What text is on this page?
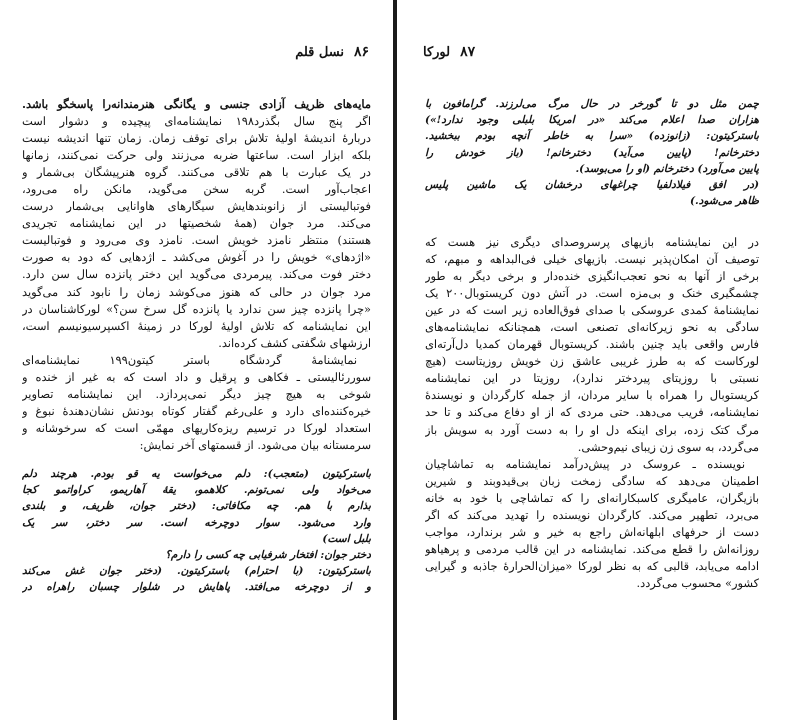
۸۶نسل قلم
مایه‌های ظریف آزادی جنسی و یگانگی هنرمندانه‌را پاسخگو باشد.
اگر پنج سال بگذرد۱۹۸ نمایشنامه‌ای پیچیده و دشوار است
دربارهٔ اندیشهٔ اولیهٔ تلاش برای توقف زمان. زمان تنها اندیشه نیست
بلکه ابزار است. ساعتها ضربه می‌زنند ولی حرکت نمی‌کنند، زمانها
در یک عبارت با هم تلاقی می‌کنند. گروه هنرپیشگان بی‌شمار و
اعجاب‌آور است. گربه سخن می‌گوید، مانکن راه می‌رود،
فوتبالیستی از زانوبندهایش سیگارهای هاوانایی بی‌شمار درست
می‌کند. مرد جوان (همهٔ شخصیتها در این نمایشنامه تجریدی
هستند) منتظر نامزد خویش است. نامزد وی می‌رود و فوتبالیست
«اژدهای» خویش را در آغوش می‌کشد ـ اژدهایی که دود به صورت
دختر فوت می‌کند. پیرمردی می‌گوید این دختر پانزده سال سن دارد.
مرد جوان در حالی که هنوز می‌کوشد زمان را نابود کند می‌گوید
«چرا پانزده چیز سن ندارد یا پانزده گل سرخ سن؟» لورکاشناسان در
این نمایشنامه که تلاش اولیهٔ لورکا در زمینهٔ اکسپرسیونیسم است،
ارزشهای شگفتی کشف کرده‌اند.
نمایشنامهٔ گردشگاه باستر کیتون۱۹۹ نمایشنامه‌ای
سوررئالیستی ـ فکاهی و پرقیل و داد است که به غیر از خنده و
شوخی به هیچ چیز دیگر نمی‌پردازد. این نمایشنامه تصاویر
خیره‌کننده‌ای دارد و علی‌رغم گفتار کوتاه بودنش نشان‌دهندهٔ نبوغ و
استعداد لورکا در ترسیم ریزه‌کاریهای مهمّی است که سرخوشانه و
سرمستانه بیان می‌شود. از قسمتهای آخر نمایش:
باسترکیتون (متعجب): دلم می‌خواست یه قو بودم. هرچند دلم
می‌خواد ولی نمی‌تونم. کلاهمو، یقهٔ آهاریمو، کراواتمو کجا
بذارم با هم. چه مکافاتی: (دختر جوان، ظریف، و بلندی
وارد می‌شود. سوار دوچرخه است. سر دختر، سر یک
بلبل است)
دختر جوان: افتخار شرفیابی چه کسی را دارم؟
باسترکیتون: (با احترام) باسترکیتون. (دختر جوان غش می‌کند
و از دوچرخه می‌افتد. پاهایش در شلوار چسبان راهراه در
۸۷لورکا
چمن مثل دو تا گورخر در حال مرگ می‌لرزند. گرامافون با
هزاران صدا اعلام می‌کند «در امریکا بلبلی وجود ندارد!»)
باسترکیتون: (زانوزده) «سرا به خاطر آنچه بودم ببخشید.
دخترخانم! (پایین می‌آید) دخترخانم! (باز خودش را
پایین می‌آورد) دخترخانم (او را می‌بوسد).
(در افق فیلادلفیا چراغهای درخشان یک ماشین پلیس
ظاهر می‌شود.)
در این نمایشنامه بازیهای پرسروصدای دیگری نیز هست که
توصیف آن امکان‌پذیر نیست. بازیهای خیلی فی‌البداهه و مبهم، که
برخی از آنها به نحو تعجب‌انگیزی خنده‌دار و برخی دیگر به طور
چشمگیری خنک و بی‌مزه است. در آتش دون کریستوبال۲۰۰ یک
نمایشنامهٔ کمدی عروسکی با صدای فوق‌العاده زیر است که در عین
سادگی به نحو زیرکانه‌ای تصنعی است، همچنانکه نمایشنامه‌های
فارس واقعی باید چنین باشند. کریستوبال قهرمان کمدیا دل‌آرته‌ای
لورکاست که به طرز غریبی عاشق زن خویش روزیتاست (هیچ
نسبتی با روزیتای پیردختر ندارد)، روزیتا در این نمایشنامه
کریستوبال را همراه با سایر مردان، از جمله کارگردان و نویسندهٔ
نمایشنامه، فریب می‌دهد. حتی مردی که از او دفاع می‌کند و تا حد
مرگ کتک زده، برای اینکه دل او را به دست آورد به سویش باز
می‌گردد، به سوی زن زیبای نیم‌وحشی.
نویسنده ـ عروسک در پیش‌درآمد نمایشنامه به تماشاچیان
اطمینان می‌دهد که سادگی زمخت زبان بی‌قیدوبند و شیرین
بازیگران، عامیگری کاسبکارانه‌ای را که تماشاچی با خود به خانه
می‌برد، تطهیر می‌کند. کارگردان نویسنده را تهدید می‌کند که اگر
دست از حرفهای ابلهانه‌اش راجع به خیر و شر برندارد، مواجب
روزانه‌اش را قطع می‌کند. نمایشنامه در این قالب مردمی و پرهیاهو
ادامه می‌یابد، قالبی که به نظر لورکا «میزان‌الحرارهٔ جاذبه و گیرایی
کشور» محسوب می‌گردد.
